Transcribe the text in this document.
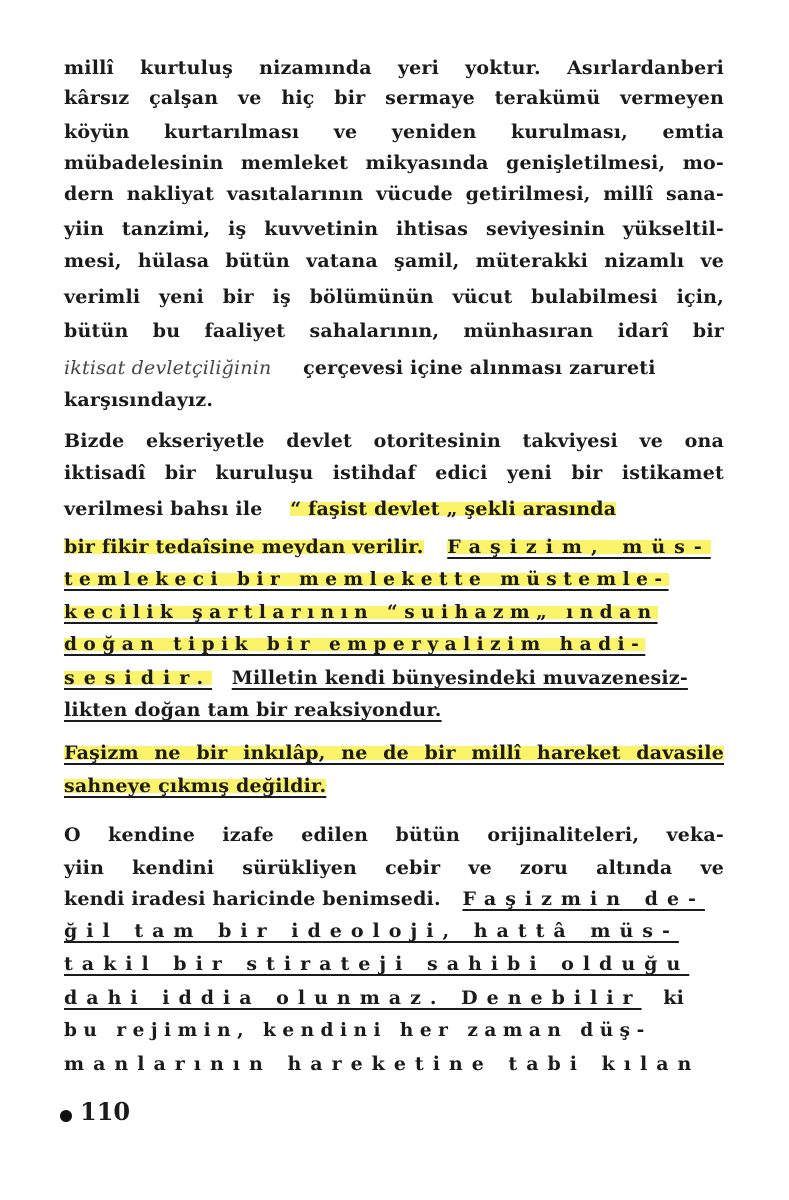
millî kurtuluş nizamında yeri yoktur. Asırlardanberi
kârsız çalşan ve hiç bir sermaye terakümü vermeyen
köyün kurtarılması ve yeniden kurulması, emtia
mübadelesinin memleket mikyasında genişletilmesi, mo-
dern nakliyat vasıtalarının vücude getirilmesi, millî sana-
yiin tanzimi, iş kuvvetinin ihtisas seviyesinin yükseltil-
mesi, hülasa bütün vatana şamil, müterakki nizamlı ve
verimli yeni bir iş bölümünün vücut bulabilmesi için,
bütün bu faaliyet sahalarının, münhasıran idarî bir
iktisat devletçiliğinin çerçevesi içine alınması zarureti
karşısındayız.
Bizde ekseriyetle devlet otoritesinin takviyesi ve ona
iktisadî bir kuruluşu istihdaf edici yeni bir istikamet
verilmesi bahsı ile “ faşist devlet „ şekli arasında
bir fikir tedaîsine meydan verilir. Faşizim, müs-
temlekeci bir memlekette müstemle-
kecilik şartlarının “suihazm„ ından
doğan tipik bir emperyalizim hadi-
sesidir. Milletin kendi bünyesindeki muvazenesiz-
likten doğan tam bir reaksiyondur.
Faşizm ne bir inkılâp, ne de bir millî hareket davasile
sahneye çıkmış değildir.
O kendine izafe edilen bütün orijinaliteleri, veka-
yiin kendini sürükliyen cebir ve zoru altında ve
kendi iradesi haricinde benimsedi. Faşizmin de-
ğil tam bir ideoloji, hattâ müs-
takil bir stirateji sahibi olduğu
dahi iddia olunmaz. Denebilir ki
bu rejimin, kendini her zaman düş-
manlarının hareketine tabi kılan
110
